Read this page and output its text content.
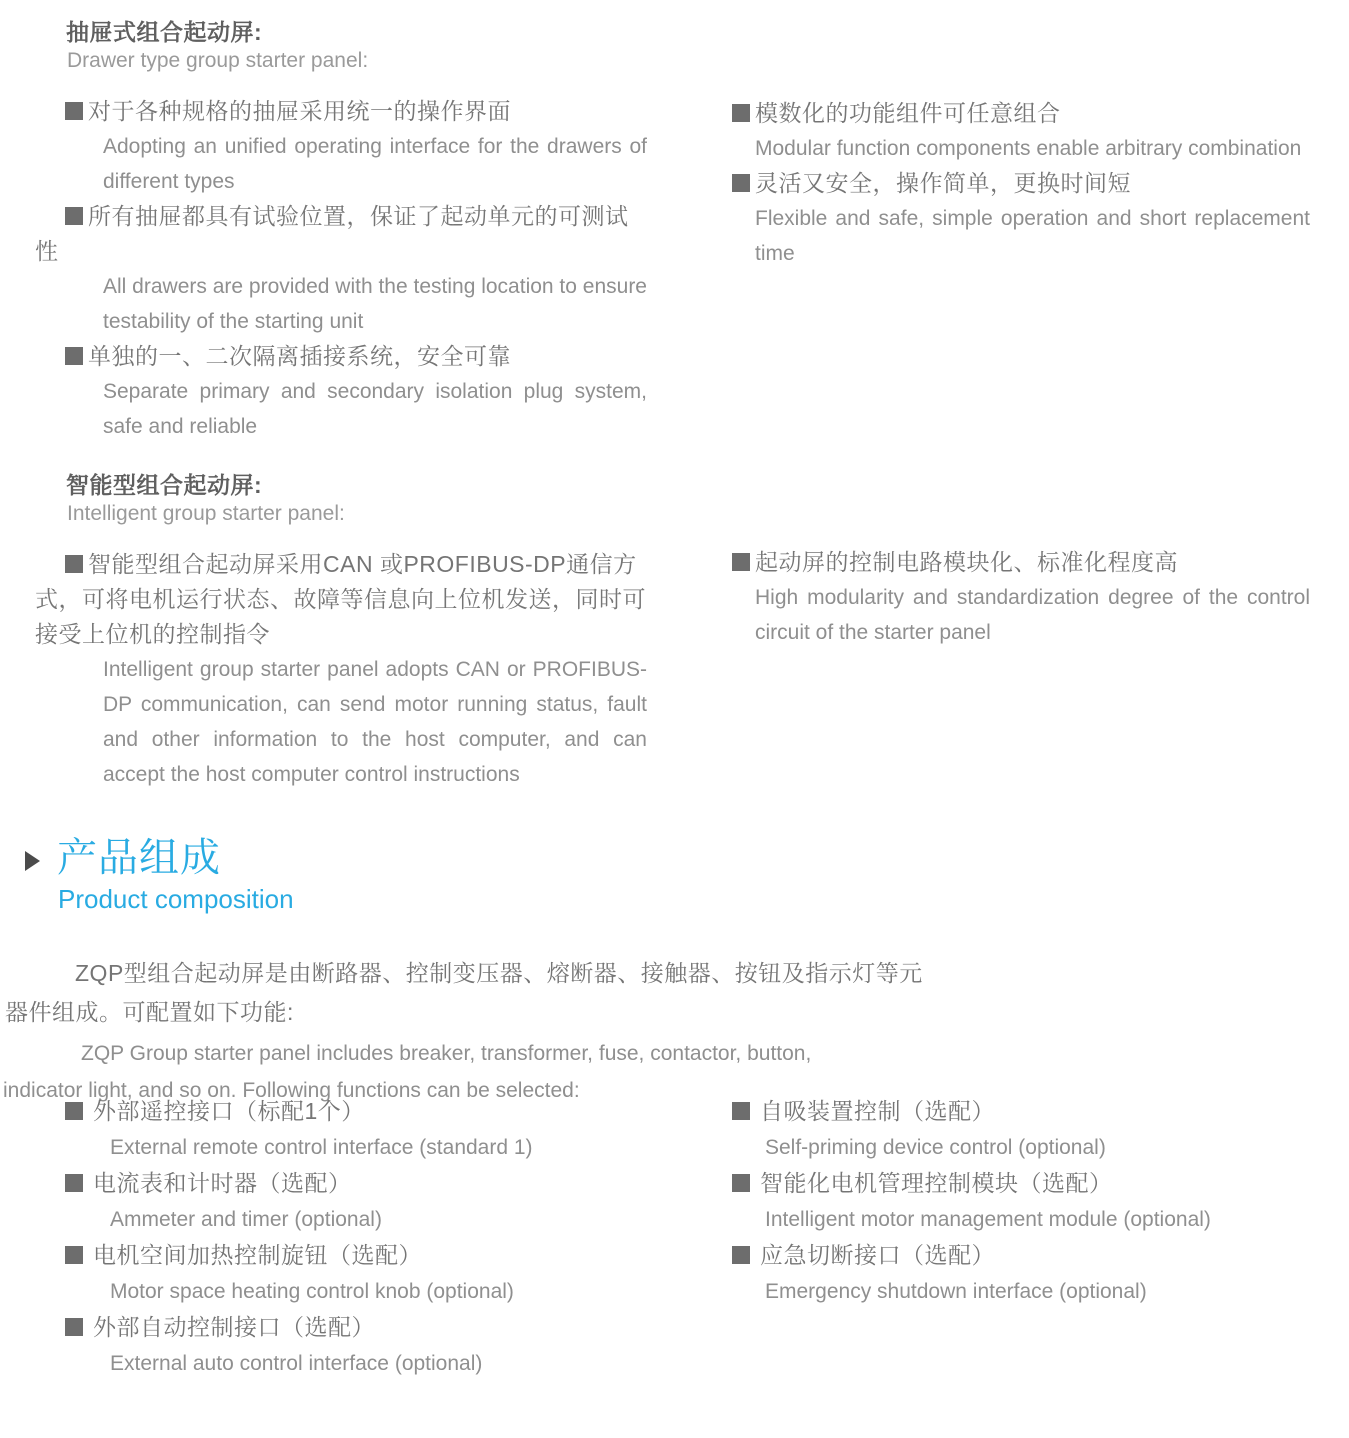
抽屉式组合起动屏:
Drawer type group starter panel:
对于各种规格的抽屉采用统一的操作界面
Adopting an unified operating interface for the drawers of different types
所有抽屉都具有试验位置，保证了起动单元的可测试性
All drawers are provided with the testing location to ensure testability of the starting unit
单独的一、二次隔离插接系统，安全可靠
Separate primary and secondary isolation plug system, safe and reliable
模数化的功能组件可任意组合
Modular function components enable arbitrary combination
灵活又安全，操作简单，更换时间短
Flexible and safe, simple operation and short replacement time
智能型组合起动屏:
Intelligent group starter panel:
智能型组合起动屏采用CAN 或PROFIBUS-DP通信方式，可将电机运行状态、故障等信息向上位机发送，同时可接受上位机的控制指令
Intelligent group starter panel adopts CAN or PROFIBUS-DP communication, can send motor running status, fault and other information to the host computer, and can accept the host computer control instructions
起动屏的控制电路模块化、标准化程度高
High modularity and standardization degree of the control circuit of the starter panel
产品组成
Product composition

ZQP型组合起动屏是由断路器、控制变压器、熔断器、接触器、按钮及指示灯等元器件组成。可配置如下功能:

ZQP Group starter panel includes breaker, transformer, fuse, contactor, button, indicator light, and so on. Following functions can be selected:

外部遥控接口（标配1个）
External remote control interface (standard 1)
电流表和计时器（选配）
Ammeter and timer (optional)
电机空间加热控制旋钮（选配）
Motor space heating control knob (optional)
外部自动控制接口（选配）
External auto control interface (optional)
自吸装置控制（选配）
Self-priming device control (optional)
智能化电机管理控制模块（选配）
Intelligent motor management module (optional)
应急切断接口（选配）
Emergency shutdown interface (optional)
